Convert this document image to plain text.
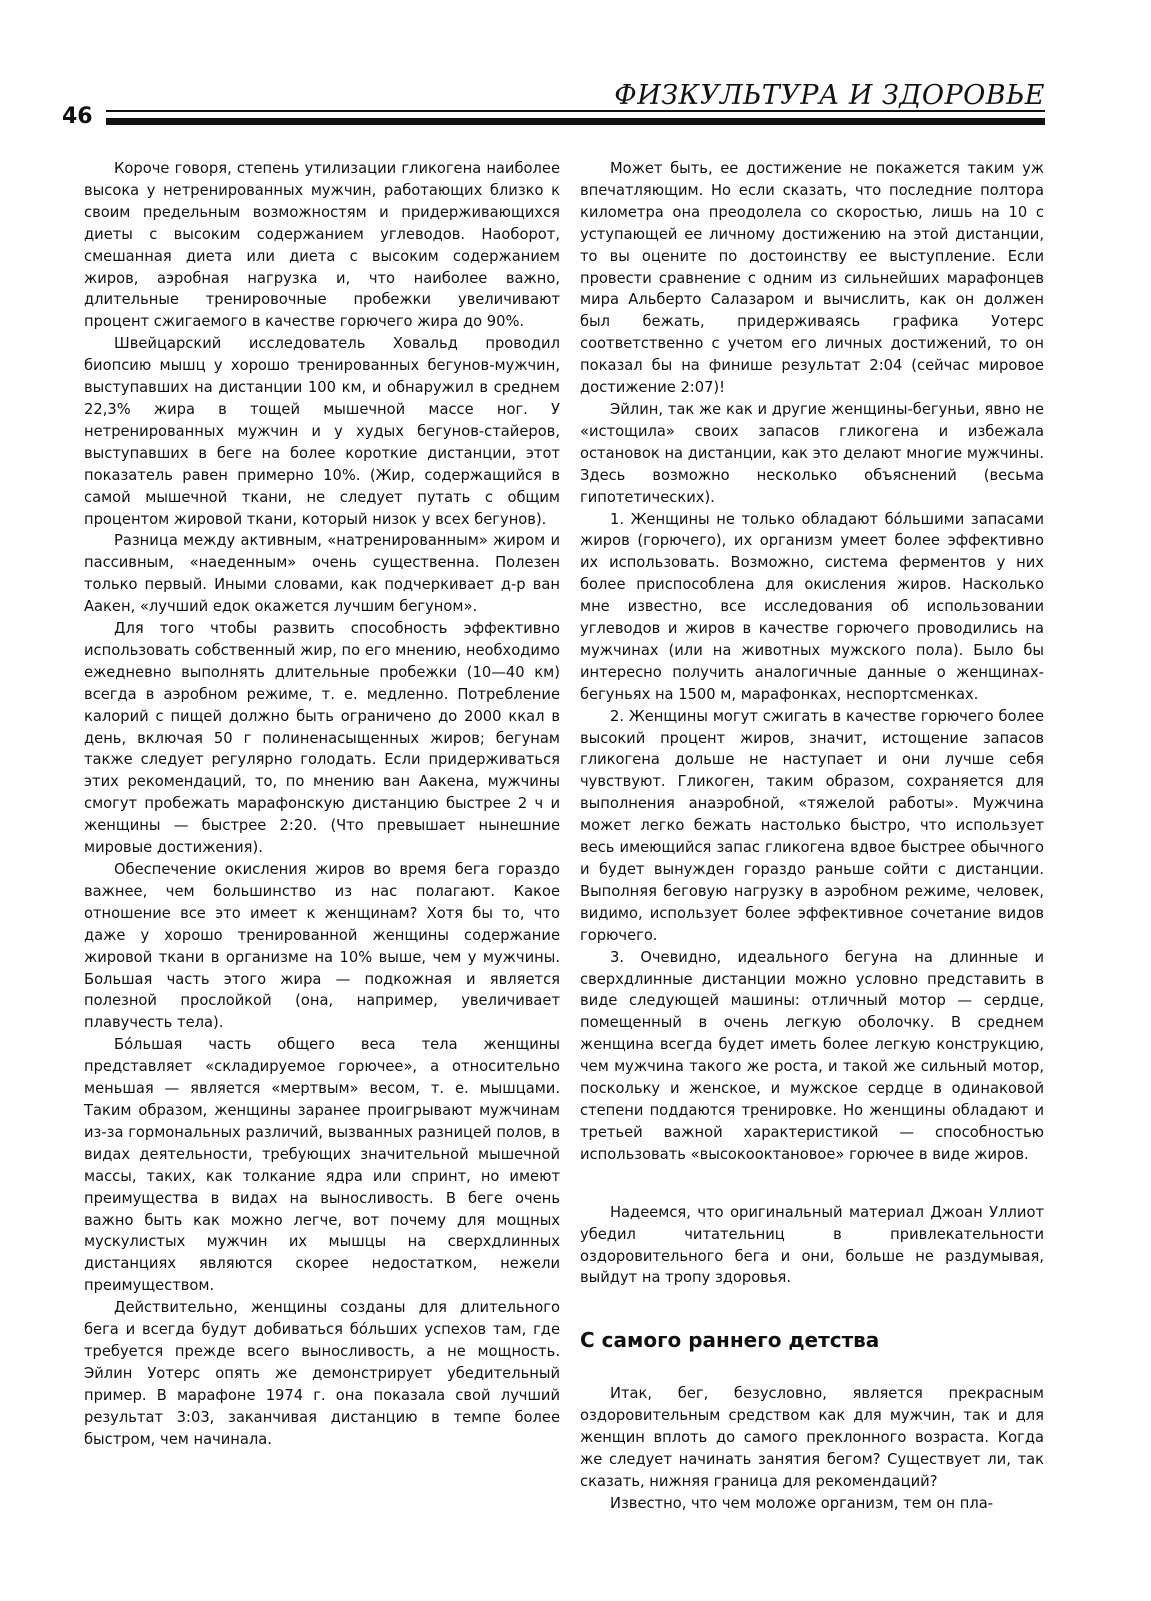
46
ФИЗКУЛЬТУРА И ЗДОРОВЬЕ

Короче говоря, степень утилизации гликогена наиболее высока у нетренированных мужчин, работающих близко к своим предельным возможностям и придерживающихся диеты с высоким содержанием углеводов. Наоборот, смешанная диета или диета с высоким содержанием жиров, аэробная нагрузка и, что наиболее важно, длительные тренировочные пробежки увеличивают процент сжигаемого в качестве горючего жира до 90%.

Швейцарский исследователь Ховальд проводил биопсию мышц у хорошо тренированных бегунов-мужчин, выступавших на дистанции 100 км, и обнаружил в среднем 22,3% жира в тощей мышечной массе ног. У нетренированных мужчин и у худых бегунов-стайеров, выступавших в беге на более короткие дистанции, этот показатель равен примерно 10%. (Жир, содержащийся в самой мышечной ткани, не следует путать с общим процентом жировой ткани, который низок у всех бегунов).

Разница между активным, «натренированным» жиром и пассивным, «наеденным» очень существенна. Полезен только первый. Иными словами, как подчеркивает д-р ван Аакен, «лучший едок окажется лучшим бегуном».

Для того чтобы развить способность эффективно использовать собственный жир, по его мнению, необходимо ежедневно выполнять длительные пробежки (10—40 км) всегда в аэробном режиме, т. е. медленно. Потребление калорий с пищей должно быть ограничено до 2000 ккал в день, включая 50 г полиненасыщенных жиров; бегунам также следует регулярно голодать. Если придерживаться этих рекомендаций, то, по мнению ван Аакена, мужчины смогут пробежать марафонскую дистанцию быстрее 2 ч и женщины — быстрее 2:20. (Что превышает нынешние мировые достижения).

Обеспечение окисления жиров во время бега гораздо важнее, чем большинство из нас полагают. Какое отношение все это имеет к женщинам? Хотя бы то, что даже у хорошо тренированной женщины содержание жировой ткани в организме на 10% выше, чем у мужчины. Большая часть этого жира — подкожная и является полезной прослойкой (она, например, увеличивает плавучесть тела).

Бо́льшая часть общего веса тела женщины представляет «складируемое горючее», а относительно меньшая — является «мертвым» весом, т. е. мышцами. Таким образом, женщины заранее проигрывают мужчинам из-за гормональных различий, вызванных разницей полов, в видах деятельности, требующих значительной мышечной массы, таких, как толкание ядра или спринт, но имеют преимущества в видах на выносливость. В беге очень важно быть как можно легче, вот почему для мощных мускулистых мужчин их мышцы на сверхдлинных дистанциях являются скорее недостатком, нежели преимуществом.

Действительно, женщины созданы для длительного бега и всегда будут добиваться бо́льших успехов там, где требуется прежде всего выносливость, а не мощность. Эйлин Уотерс опять же демонстрирует убедительный пример. В марафоне 1974 г. она показала свой лучший результат 3:03, заканчивая дистанцию в темпе более быстром, чем начинала.

Может быть, ее достижение не покажется таким уж впечатляющим. Но если сказать, что последние полтора километра она преодолела со скоростью, лишь на 10 с уступающей ее личному достижению на этой дистанции, то вы оцените по достоинству ее выступление. Если провести сравнение с одним из сильнейших марафонцев мира Альберто Салазаром и вычислить, как он должен был бежать, придерживаясь графика Уотерс соответственно с учетом его личных достижений, то он показал бы на финише результат 2:04 (сейчас мировое достижение 2:07)!

Эйлин, так же как и другие женщины-бегуньи, явно не «истощила» своих запасов гликогена и избежала остановок на дистанции, как это делают многие мужчины. Здесь возможно несколько объяснений (весьма гипотетических).

1. Женщины не только обладают бо́льшими запасами жиров (горючего), их организм умеет более эффективно их использовать. Возможно, система ферментов у них более приспособлена для окисления жиров. Насколько мне известно, все исследования об использовании углеводов и жиров в качестве горючего проводились на мужчинах (или на животных мужского пола). Было бы интересно получить аналогичные данные о женщинах-бегуньях на 1500 м, марафонках, неспортсменках.

2. Женщины могут сжигать в качестве горючего более высокий процент жиров, значит, истощение запасов гликогена дольше не наступает и они лучше себя чувствуют. Гликоген, таким образом, сохраняется для выполнения анаэробной, «тяжелой работы». Мужчина может легко бежать настолько быстро, что использует весь имеющийся запас гликогена вдвое быстрее обычного и будет вынужден гораздо раньше сойти с дистанции. Выполняя беговую нагрузку в аэробном режиме, человек, видимо, использует более эффективное сочетание видов горючего.

3. Очевидно, идеального бегуна на длинные и сверхдлинные дистанции можно условно представить в виде следующей машины: отличный мотор — сердце, помещенный в очень легкую оболочку. В среднем женщина всегда будет иметь более легкую конструкцию, чем мужчина такого же роста, и такой же сильный мотор, поскольку и женское, и мужское сердце в одинаковой степени поддаются тренировке. Но женщины обладают и третьей важной характеристикой — способностью использовать «высокооктановое» горючее в виде жиров.

Надеемся, что оригинальный материал Джоан Уллиот убедил читательниц в привлекательности оздоровительного бега и они, больше не раздумывая, выйдут на тропу здоровья.

С самого раннего детства

Итак, бег, безусловно, является прекрасным оздоровительным средством как для мужчин, так и для женщин вплоть до самого преклонного возраста. Когда же следует начинать занятия бегом? Существует ли, так сказать, нижняя граница для рекомендаций?

Известно, что чем моложе организм, тем он пла-
